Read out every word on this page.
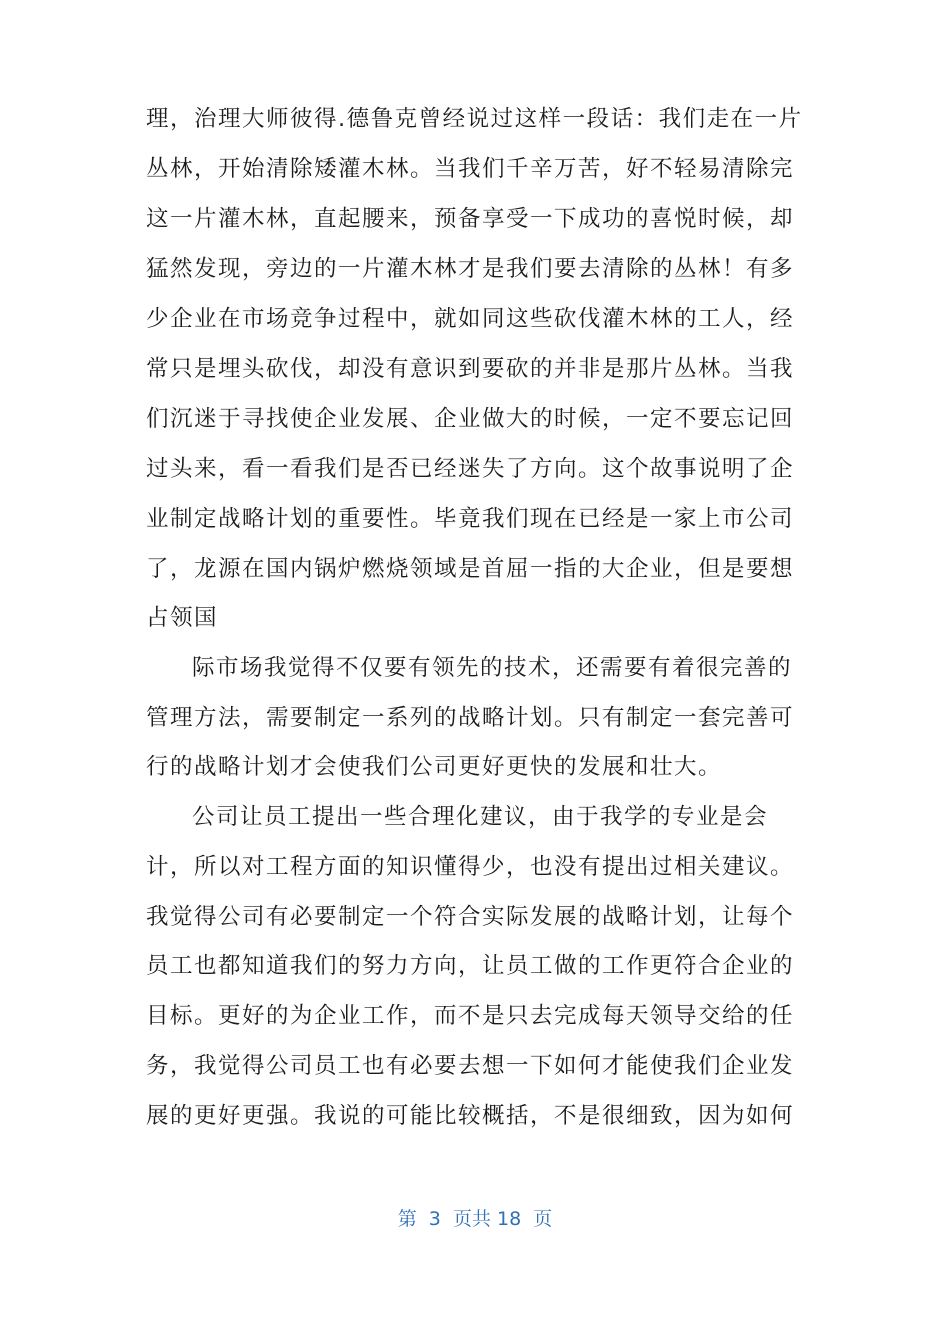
理，治理大师彼得.德鲁克曾经说过这样一段话：我们走在一片
丛林，开始清除矮灌木林。当我们千辛万苦，好不轻易清除完
这一片灌木林，直起腰来，预备享受一下成功的喜悦时候，却
猛然发现，旁边的一片灌木林才是我们要去清除的丛林！有多
少企业在市场竞争过程中，就如同这些砍伐灌木林的工人，经
常只是埋头砍伐，却没有意识到要砍的并非是那片丛林。当我
们沉迷于寻找使企业发展、企业做大的时候，一定不要忘记回
过头来，看一看我们是否已经迷失了方向。这个故事说明了企
业制定战略计划的重要性。毕竟我们现在已经是一家上市公司
了，龙源在国内锅炉燃烧领域是首屈一指的大企业，但是要想
占领国
际市场我觉得不仅要有领先的技术，还需要有着很完善的
管理方法，需要制定一系列的战略计划。只有制定一套完善可
行的战略计划才会使我们公司更好更快的发展和壮大。
公司让员工提出一些合理化建议，由于我学的专业是会
计，所以对工程方面的知识懂得少，也没有提出过相关建议。
我觉得公司有必要制定一个符合实际发展的战略计划，让每个
员工也都知道我们的努力方向，让员工做的工作更符合企业的
目标。更好的为企业工作，而不是只去完成每天领导交给的任
务，我觉得公司员工也有必要去想一下如何才能使我们企业发
展的更好更强。我说的可能比较概括，不是很细致，因为如何
第  3  页共 18  页
